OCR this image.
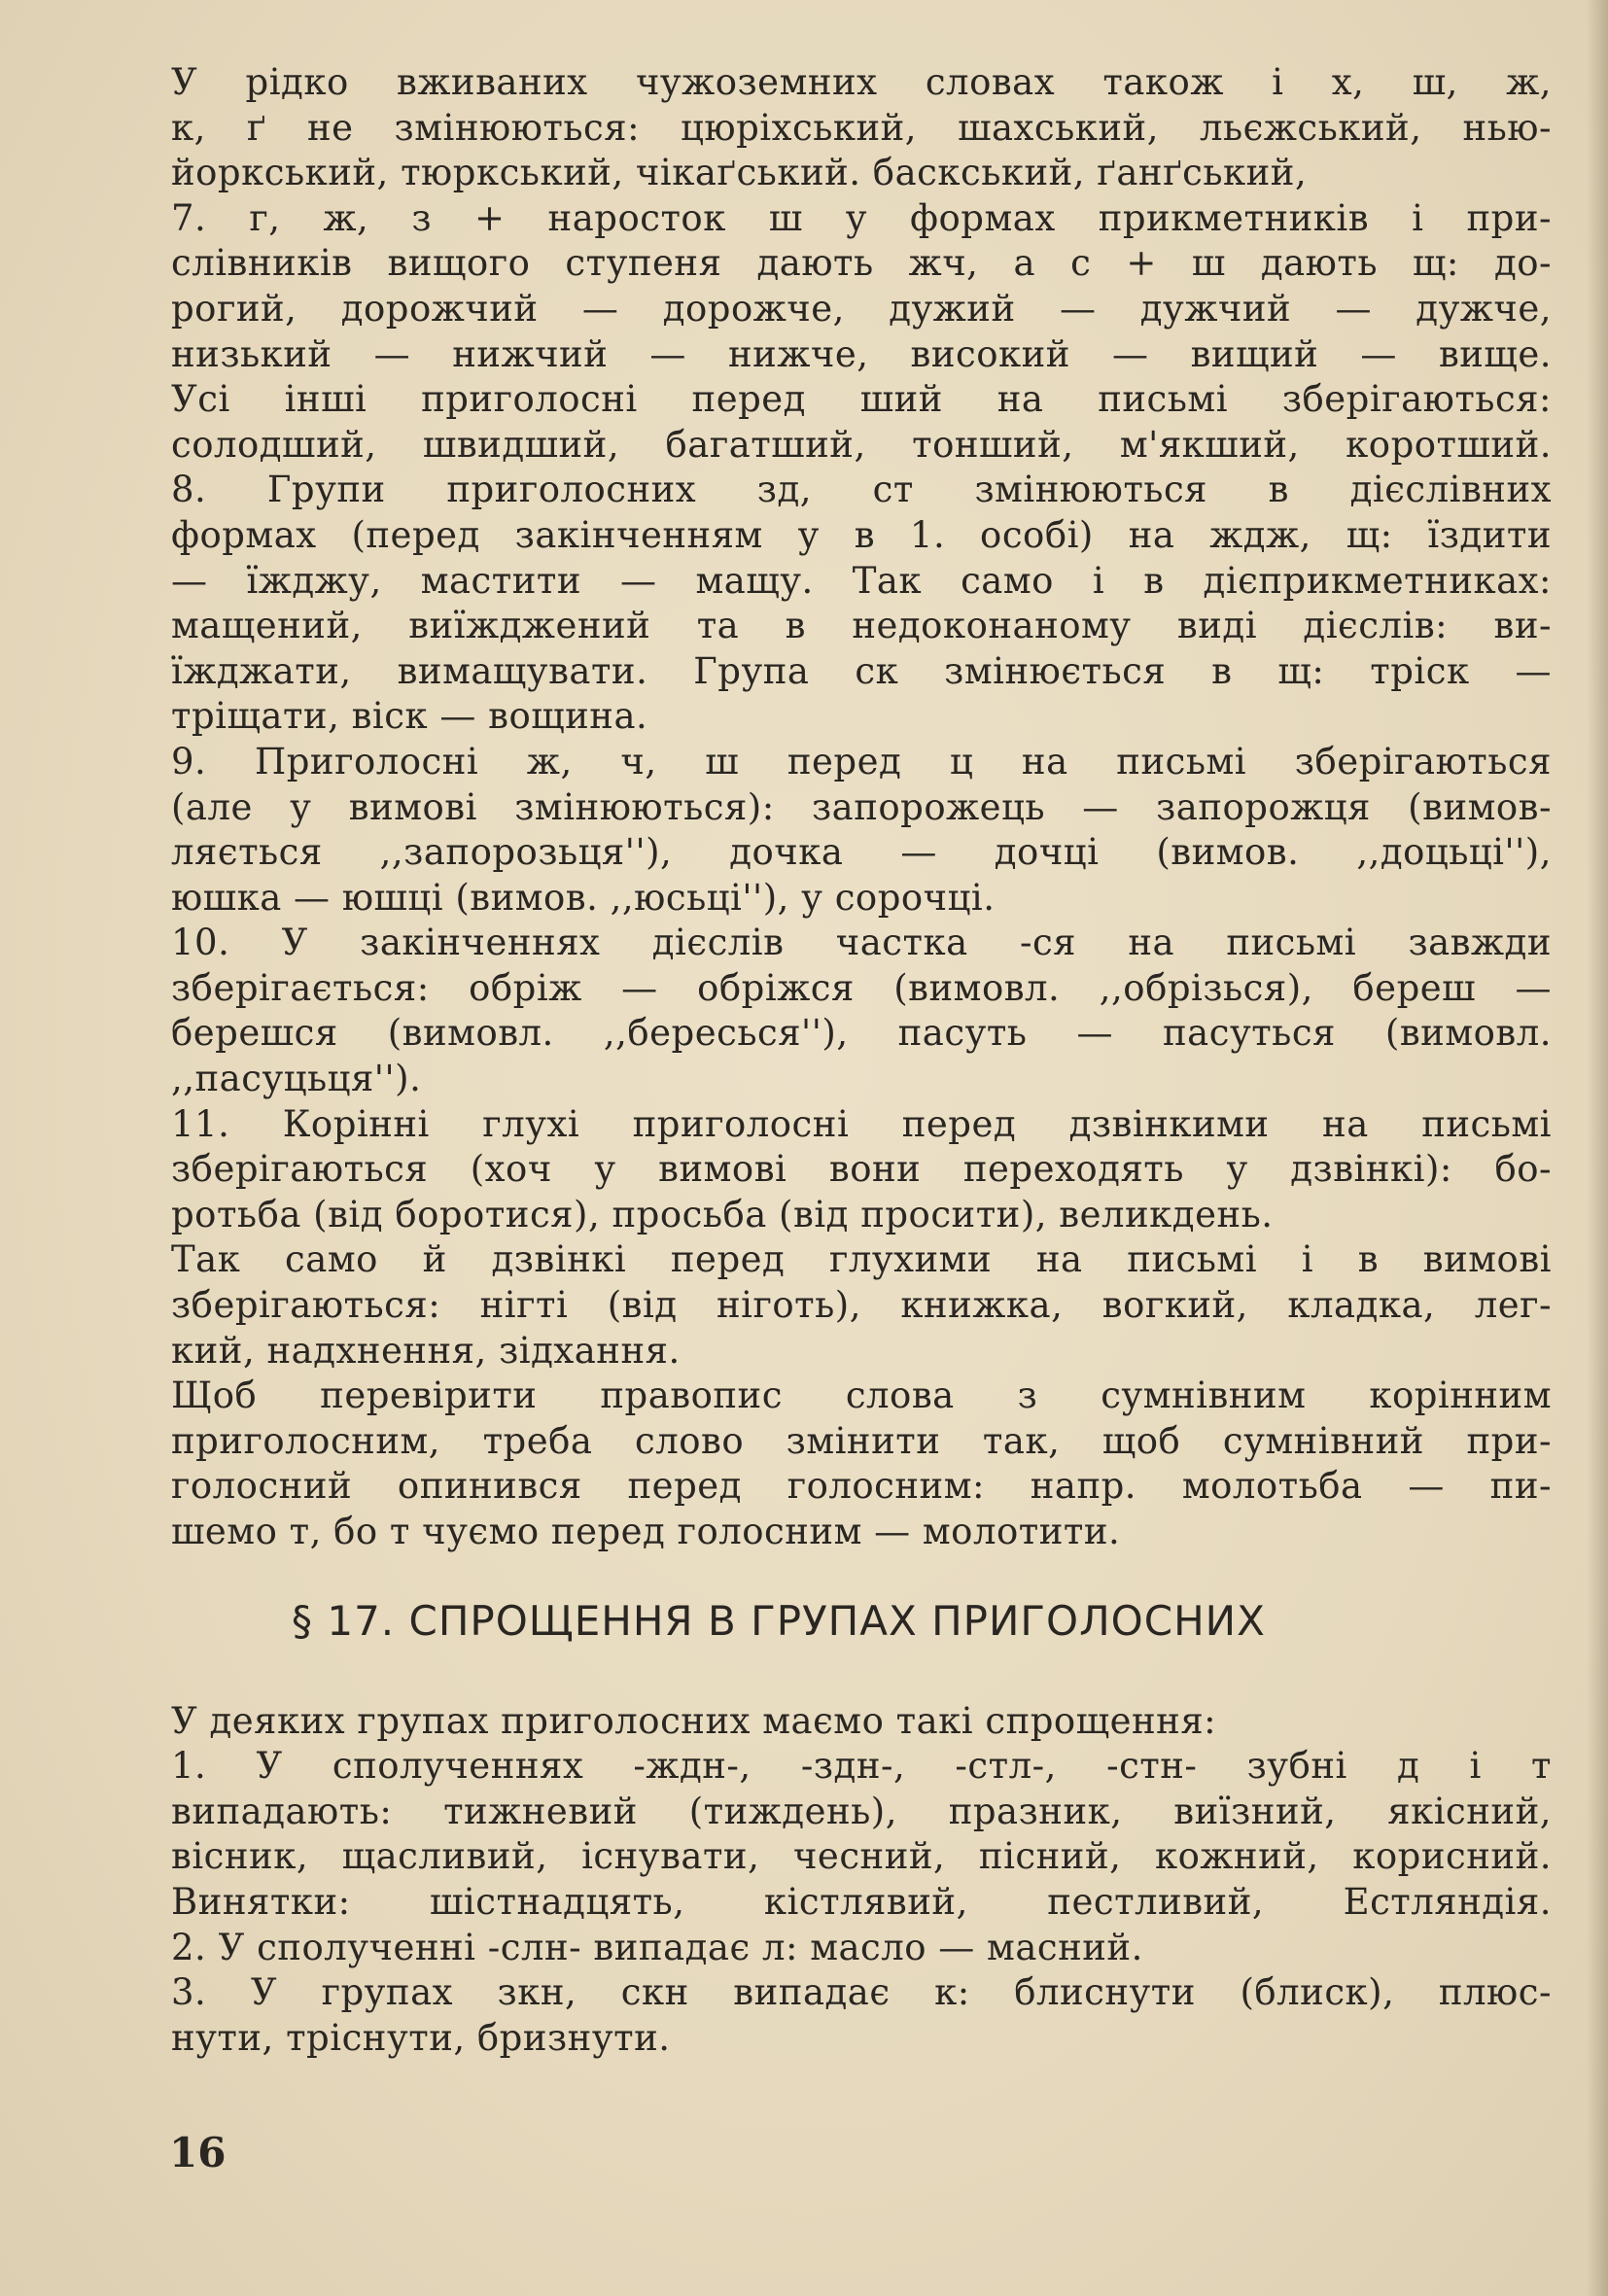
У рідко вживаних чужоземних словах також і х, ш, ж,
к, ґ не змінюються: цюріхський, шахський, льєжський, нью-
йоркський, тюркський, чікаґський. баскський, ґанґський,
7. г, ж, з + наросток ш у формах прикметників і при-
слівників вищого ступеня дають жч, а с + ш дають щ: до-
рогий, дорожчий — дорожче, дужий — дужчий — дужче,
низький — нижчий — нижче, високий — вищий — вище.
Усі інші приголосні перед ший на письмі зберігаються:
солодший, швидший, багатший, тонший, м'якший, коротший.
8. Групи приголосних зд, ст змінюються в дієслівних
формах (перед закінченням у в 1. особі) на ждж, щ: їздити
— їжджу, мастити — мащу. Так само і в дієприкметниках:
мащений, виїжджений та в недоконаному виді дієслів: ви-
їжджати, вимащувати. Група ск змінюється в щ: тріск —
тріщати, віск — вощина.
9. Приголосні ж, ч, ш перед ц на письмі зберігаються
(але у вимові змінюються): запорожець — запорожця (вимов-
ляється ,,запорозьця''), дочка — дочці (вимов. ,,доцьці''),
юшка — юшці (вимов. ,,юсьці''), у сорочці.
10. У закінченнях дієслів частка -ся на письмі завжди
зберігається: обріж — обріжся (вимовл. ,,обрізься), береш —
берешся (вимовл. ,,бересься''), пасуть — пасуться (вимовл.
,,пасуцьця'').
11. Корінні глухі приголосні перед дзвінкими на письмі
зберігаються (хоч у вимові вони переходять у дзвінкі): бо-
ротьба (від боротися), просьба (від просити), великдень.
Так само й дзвінкі перед глухими на письмі і в вимові
зберігаються: нігті (від ніготь), книжка, вогкий, кладка, лег-
кий, надхнення, зідхання.
Щоб перевірити правопис слова з сумнівним корінним
приголосним, треба слово змінити так, щоб сумнівний при-
голосний опинився перед голосним: напр. молотьба — пи-
шемо т, бо т чуємо перед голосним — молотити.
§ 17. СПРОЩЕННЯ В ГРУПАХ ПРИГОЛОСНИХ
У деяких групах приголосних маємо такі спрощення:
1. У сполученнях -ждн-, -здн-, -стл-, -стн- зубні д і т
випадають: тижневий (тиждень), празник, виїзний, якісний,
вісник, щасливий, існувати, чесний, пісний, кожний, корисний.
Винятки: шістнадцять, кістлявий, пестливий, Естляндія.
2. У сполученні -слн- випадає л: масло — масний.
3. У групах зкн, скн випадає к: блиснути (блиск), плюс-
нути, тріснути, бризнути.
16
